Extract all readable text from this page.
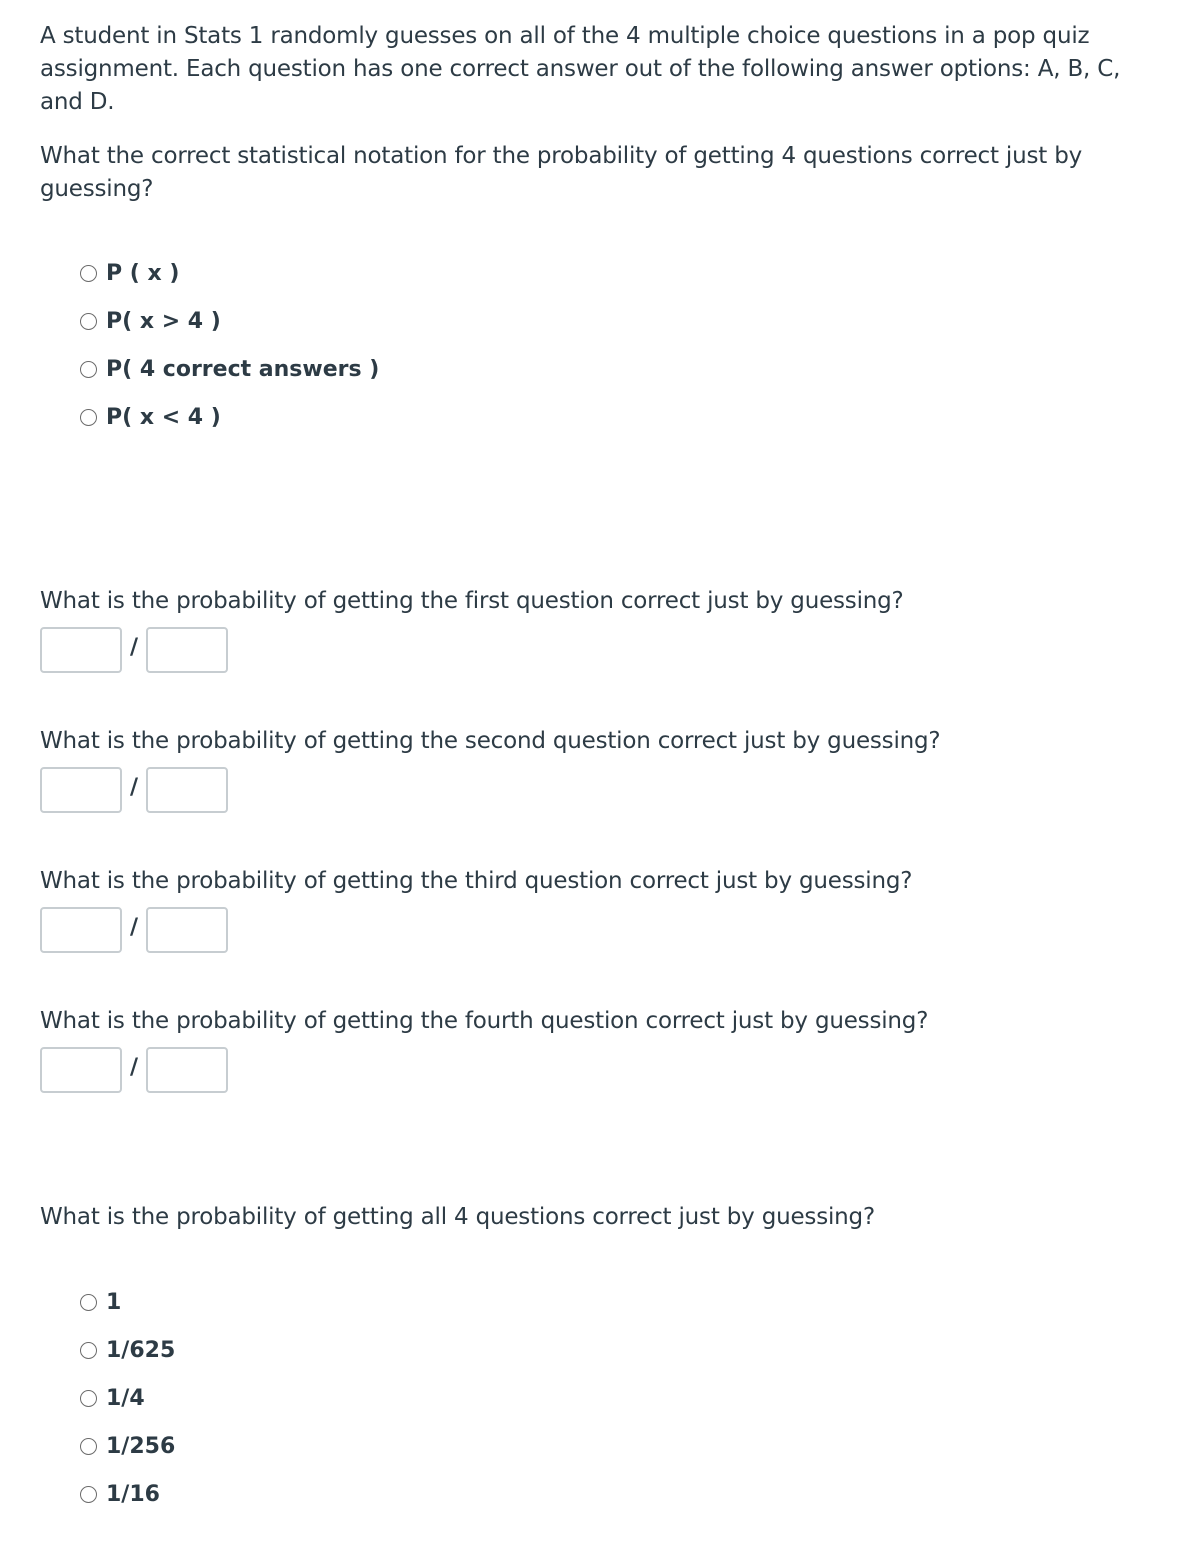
A student in Stats 1 randomly guesses on all of the 4 multiple choice questions in a pop quiz assignment. Each question has one correct answer out of the following answer options: A, B, C, and D.

What the correct statistical notation for the probability of getting 4 questions correct just by guessing?

P ( x )
P( x > 4 )
P( 4 correct answers )
P( x < 4 )

What is the probability of getting the first question correct just by guessing?

/

What is the probability of getting the second question correct just by guessing?

/

What is the probability of getting the third question correct just by guessing?

/

What is the probability of getting the fourth question correct just by guessing?

/

What is the probability of getting all 4 questions correct just by guessing?

1
1/625
1/4
1/256
1/16
